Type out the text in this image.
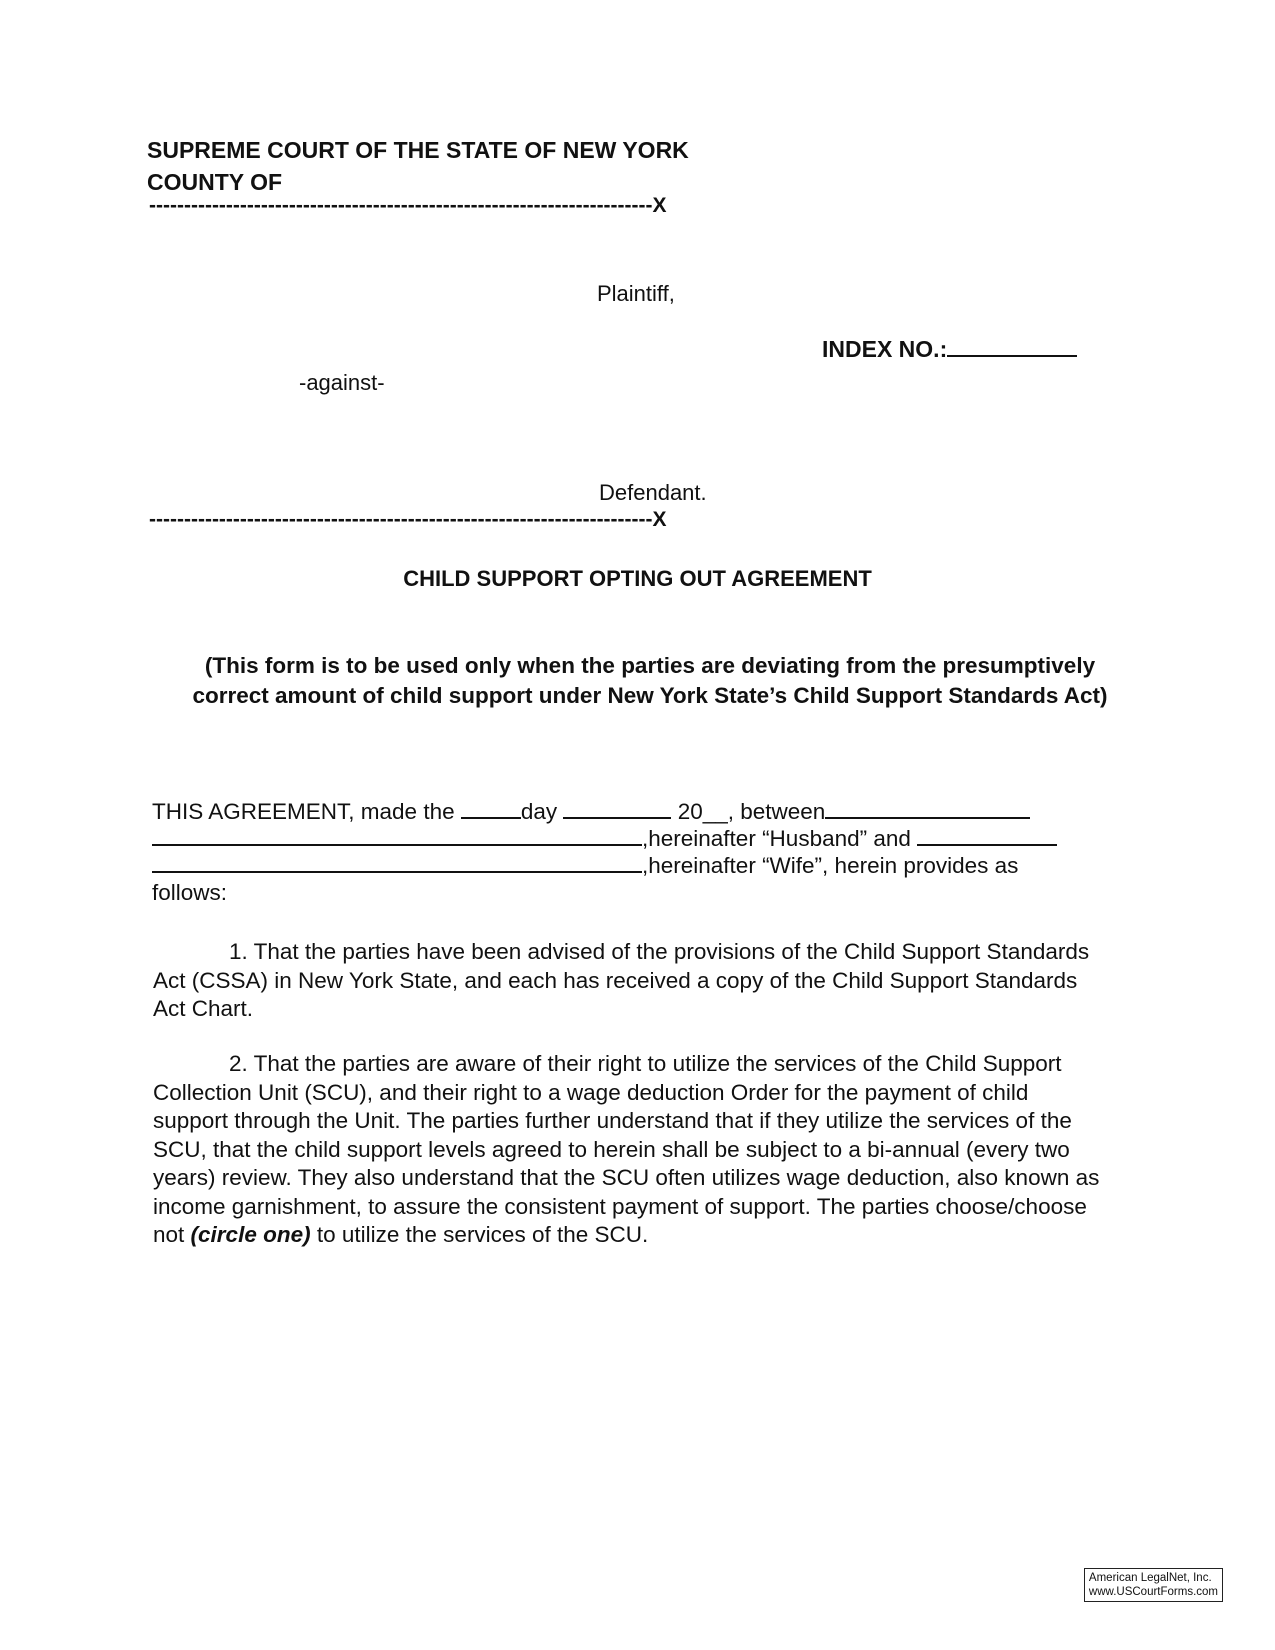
SUPREME COURT OF THE STATE OF NEW YORK
COUNTY OF
------------------------------------------------------------------------X
Plaintiff,
INDEX NO.:
-against-
Defendant.
------------------------------------------------------------------------X
CHILD SUPPORT OPTING OUT AGREEMENT
(This form is to be used only when the parties are deviating from the presumptively correct amount of child support under New York State’s Child Support Standards Act)
THIS AGREEMENT, made the	day	20__, between
,hereinafter “Husband” and
,hereinafter “Wife”, herein provides as
follows:
1. That the parties have been advised of the provisions of the Child Support Standards Act (CSSA) in New York State, and each has received a copy of the Child Support Standards Act Chart.
2. That the parties are aware of their right to utilize the services of the Child Support Collection Unit (SCU), and their right to a wage deduction Order for the payment of child support through the Unit. The parties further understand that if they utilize the services of the SCU, that the child support levels agreed to herein shall be subject to a bi-annual (every two years) review. They also understand that the SCU often utilizes wage deduction, also known as income garnishment, to assure the consistent payment of support. The parties choose/choose not (circle one) to utilize the services of the SCU.
American LegalNet, Inc.
www.USCourtForms.com
